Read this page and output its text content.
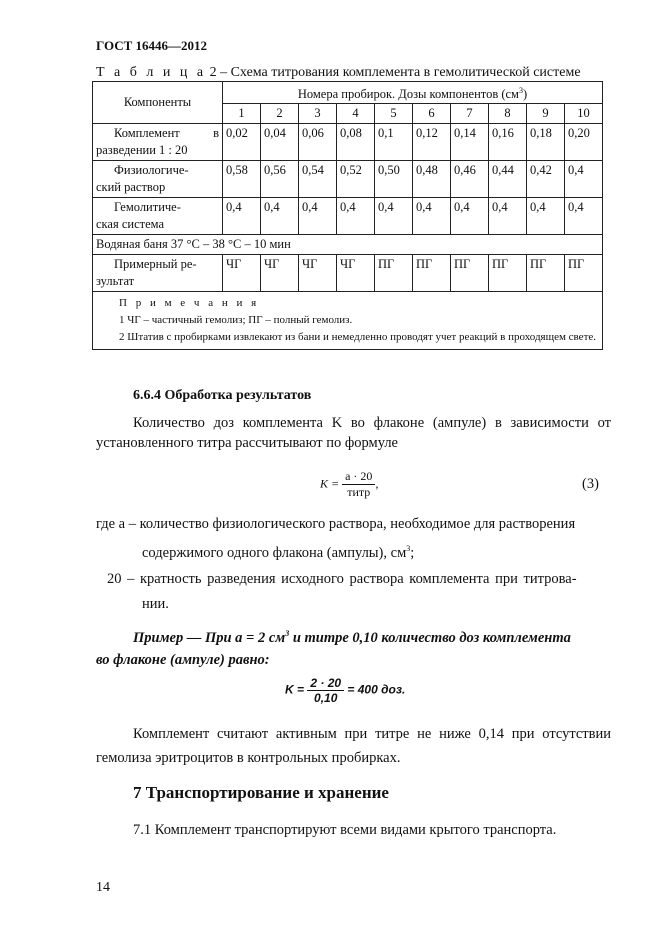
ГОСТ 16446—2012
Т а б л и ц а 2 – Схема титрования комплемента в гемолитической системе
Компоненты	Номера пробирок. Дозы компонентов $(см^3)$									
	1	2	3	4	5	6	7	8	9	10

Комплемент в
разведении 1 : 20	0,02	0,04	0,06	0,08	0,1	0,12	0,14	0,16	0,18	0,20

Физиологиче-
ский раствор	0,58	0,56	0,54	0,52	0,50	0,48	0,46	0,44	0,42	0,4

Гемолитиче-
ская система	0,4	0,4	0,4	0,4	0,4	0,4	0,4	0,4	0,4	0,4
Водяная баня 37 °С – 38 °С – 10 мин										

Примерный ре-
зультат	ЧГ	ЧГ	ЧГ	ЧГ	ПГ	ПГ	ПГ	ПГ	ПГ	ПГ

П р и м е ч а н и я
1 ЧГ – частичный гемолиз; ПГ – полный гемолиз.
2 Штатив с пробирками извлекают из бани и немедленно проводят учет реакций в проходящем свете.										
6.6.4 Обработка результатов

Количество доз комплемента K во флаконе (ампуле) в зависимости от установленного титра рассчитывают по формуле

$K = \frac{a \cdot 20}{\text{титр}}$ ,	(3)

где a – количество физиологического раствора, необходимое для растворения

содержимого одного флакона (ампулы), $см^3$;

20 – кратность разведения исходного раствора комплемента при титрова-

нии.

Пример — При а = 2 $см^3$ и титре 0,10 количество доз комплемента

во флаконе (ампуле) равно:

$K = \frac{2 \cdot 20}{0,10} = 400$ доз.

Комплемент считают активным при титре не ниже 0,14 при отсутствии гемолиза эритроцитов в контрольных пробирках.

7 Транспортирование и хранение

7.1 Комплемент транспортируют всеми видами крытого транспорта.

14
